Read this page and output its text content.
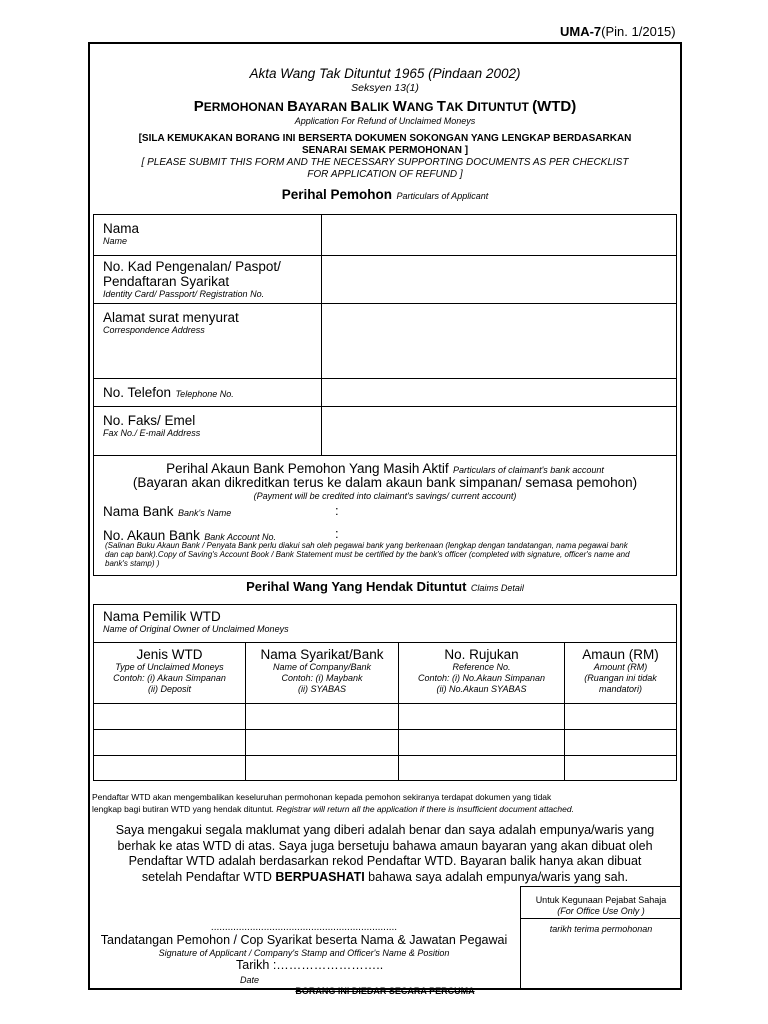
UMA-7(Pin. 1/2015)
Akta Wang Tak Dituntut 1965 (Pindaan 2002)
Seksyen 13(1)
PERMOHONAN BAYARAN BALIK WANG TAK DITUNTUT (WTD)
Application For Refund of Unclaimed Moneys
[SILA KEMUKAKAN BORANG INI BERSERTA DOKUMEN SOKONGAN YANG LENGKAP BERDASARKAN
SENARAI SEMAK PERMOHONAN ]
[ PLEASE SUBMIT THIS FORM AND THE NECESSARY SUPPORTING DOCUMENTS AS PER CHECKLIST
FOR APPLICATION OF REFUND ]
Perihal Pemohon Particulars of Applicant
Nama
Name
No. Kad Pengenalan/ Paspot/
Pendaftaran Syarikat
Identity Card/ Passport/ Registration No.
Alamat surat menyurat
Correspondence Address
No. Telefon Telephone No.
No. Faks/ Emel
Fax No./ E-mail Address
Perihal Akaun Bank Pemohon Yang Masih Aktif Particulars of claimant's bank account
(Bayaran akan dikreditkan terus ke dalam akaun bank simpanan/ semasa pemohon)
(Payment will be credited into claimant's savings/ current account)
Nama Bank Bank's Name	:
No. Akaun Bank Bank Account No.	:
(Salinan Buku Akaun Bank / Penyata Bank perlu diakui sah oleh pegawai bank yang berkenaan (lengkap dengan tandatangan, nama pegawai bank
dan cap bank).Copy of Saving's Account Book / Bank Statement must be certified by the bank's officer (completed with signature, officer's name and
bank's stamp) )
Perihal Wang Yang Hendak Dituntut Claims Detail
Nama Pemilik WTD
Name of Original Owner of Unclaimed Moneys
Jenis WTD
Type of Unclaimed Moneys
Contoh: (i) Akaun Simpanan
(ii) Deposit
Nama Syarikat/Bank
Name of Company/Bank
Contoh: (i) Maybank
(ii) SYABAS
No. Rujukan
Reference No.
Contoh: (i) No.Akaun Simpanan
(ii) No.Akaun SYABAS
Amaun (RM)
Amount (RM)
(Ruangan ini tidak
mandatori)
Pendaftar WTD akan mengembalikan keseluruhan permohonan kepada pemohon sekiranya terdapat dokumen yang tidak
lengkap bagi butiran WTD yang hendak dituntut. Registrar will return all the application if there is insufficient document attached.
Saya mengakui segala maklumat yang diberi adalah benar dan saya adalah empunya/waris yang
berhak ke atas WTD di atas. Saya juga bersetuju bahawa amaun bayaran yang akan dibuat oleh
Pendaftar WTD adalah berdasarkan rekod Pendaftar WTD. Bayaran balik hanya akan dibuat
setelah Pendaftar WTD BERPUASHATI bahawa saya adalah empunya/waris yang sah.
Untuk Kegunaan Pejabat Sahaja
(For Office Use Only )
tarikh terima permohonan
...................................................................
Tandatangan Pemohon / Cop Syarikat beserta Nama & Jawatan Pegawai
Signature of Applicant / Company's Stamp and Officer's Name & Position
Tarikh :……………………..
Date
BORANG INI DIEDAR SECARA PERCUMA
